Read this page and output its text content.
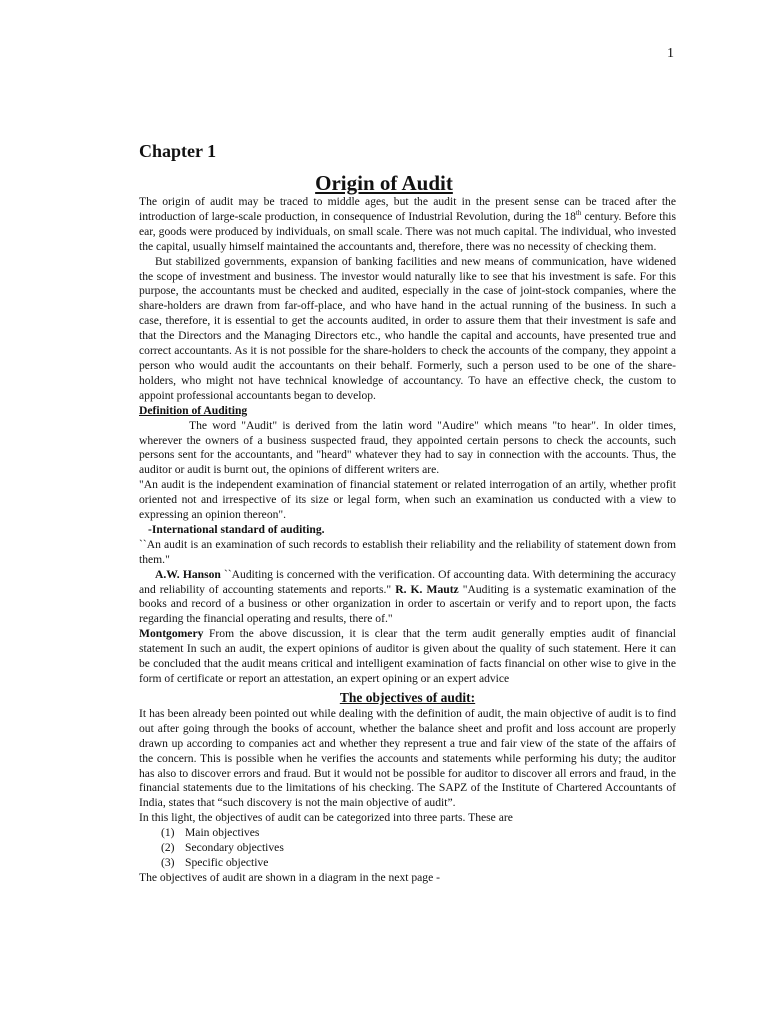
1
Chapter 1
Origin of Audit

The origin of audit may be traced to middle ages, but the audit in the present sense can be traced after the introduction of large-scale production, in consequence of Industrial Revolution, during the 18th century. Before this ear, goods were produced by individuals, on small scale. There was not much capital. The individual, who invested the capital, usually himself maintained the accountants and, therefore, there was no necessity of checking them.

But stabilized governments, expansion of banking facilities and new means of communication, have widened the scope of investment and business. The investor would naturally like to see that his investment is safe. For this purpose, the accountants must be checked and audited, especially in the case of joint-stock companies, where the share-holders are drawn from far-off-place, and who have hand in the actual running of the business. In such a case, therefore, it is essential to get the accounts audited, in order to assure them that their investment is safe and that the Directors and the Managing Directors etc., who handle the capital and accounts, have presented true and correct accountants. As it is not possible for the share-holders to check the accounts of the company, they appoint a person who would audit the accountants on their behalf. Formerly, such a person used to be one of the share-holders, who might not have technical knowledge of accountancy. To have an effective check, the custom to appoint professional accountants began to develop.

Definition of Auditing

The word "Audit" is derived from the latin word "Audire" which means "to hear". In older times, wherever the owners of a business suspected fraud, they appointed certain persons to check the accounts, such persons sent for the accountants, and "heard" whatever they had to say in connection with the accounts. Thus, the auditor or audit is burnt out, the opinions of different writers are.

"An audit is the independent examination of financial statement or related interrogation of an artily, whether profit oriented not and irrespective of its size or legal form, when such an examination us conducted with a view to expressing an opinion thereon".

-International standard of auditing.

``An audit is an examination of such records to establish their reliability and the reliability of statement down from them."

A.W. Hanson ``Auditing is concerned with the verification. Of accounting data. With determining the accuracy and reliability of accounting statements and reports." R. K. Mautz "Auditing is a systematic examination of the books and record of a business or other organization in order to ascertain or verify and to report upon, the facts regarding the financial operating and results, there of."

Montgomery From the above discussion, it is clear that the term audit generally empties audit of financial statement In such an audit, the expert opinions of auditor is given about the quality of such statement. Here it can be concluded that the audit means critical and intelligent examination of facts financial on other wise to give in the form of certificate or report an attestation, an expert opining or an expert advice

The objectives of audit:

It has been already been pointed out while dealing with the definition of audit, the main objective of audit is to find out after going through the books of account, whether the balance sheet and profit and loss account are properly drawn up according to companies act and whether they represent a true and fair view of the state of the affairs of the concern. This is possible when he verifies the accounts and statements while performing his duty; the auditor has also to discover errors and fraud. But it would not be possible for auditor to discover all errors and fraud, in the financial statements due to the limitations of his checking. The SAPZ of the Institute of Chartered Accountants of India, states that “such discovery is not the main objective of audit”.

In this light, the objectives of audit can be categorized into three parts. These are

(1) Main objectives
(2) Secondary objectives
(3) Specific objective

The objectives of audit are shown in a diagram in the next page -
